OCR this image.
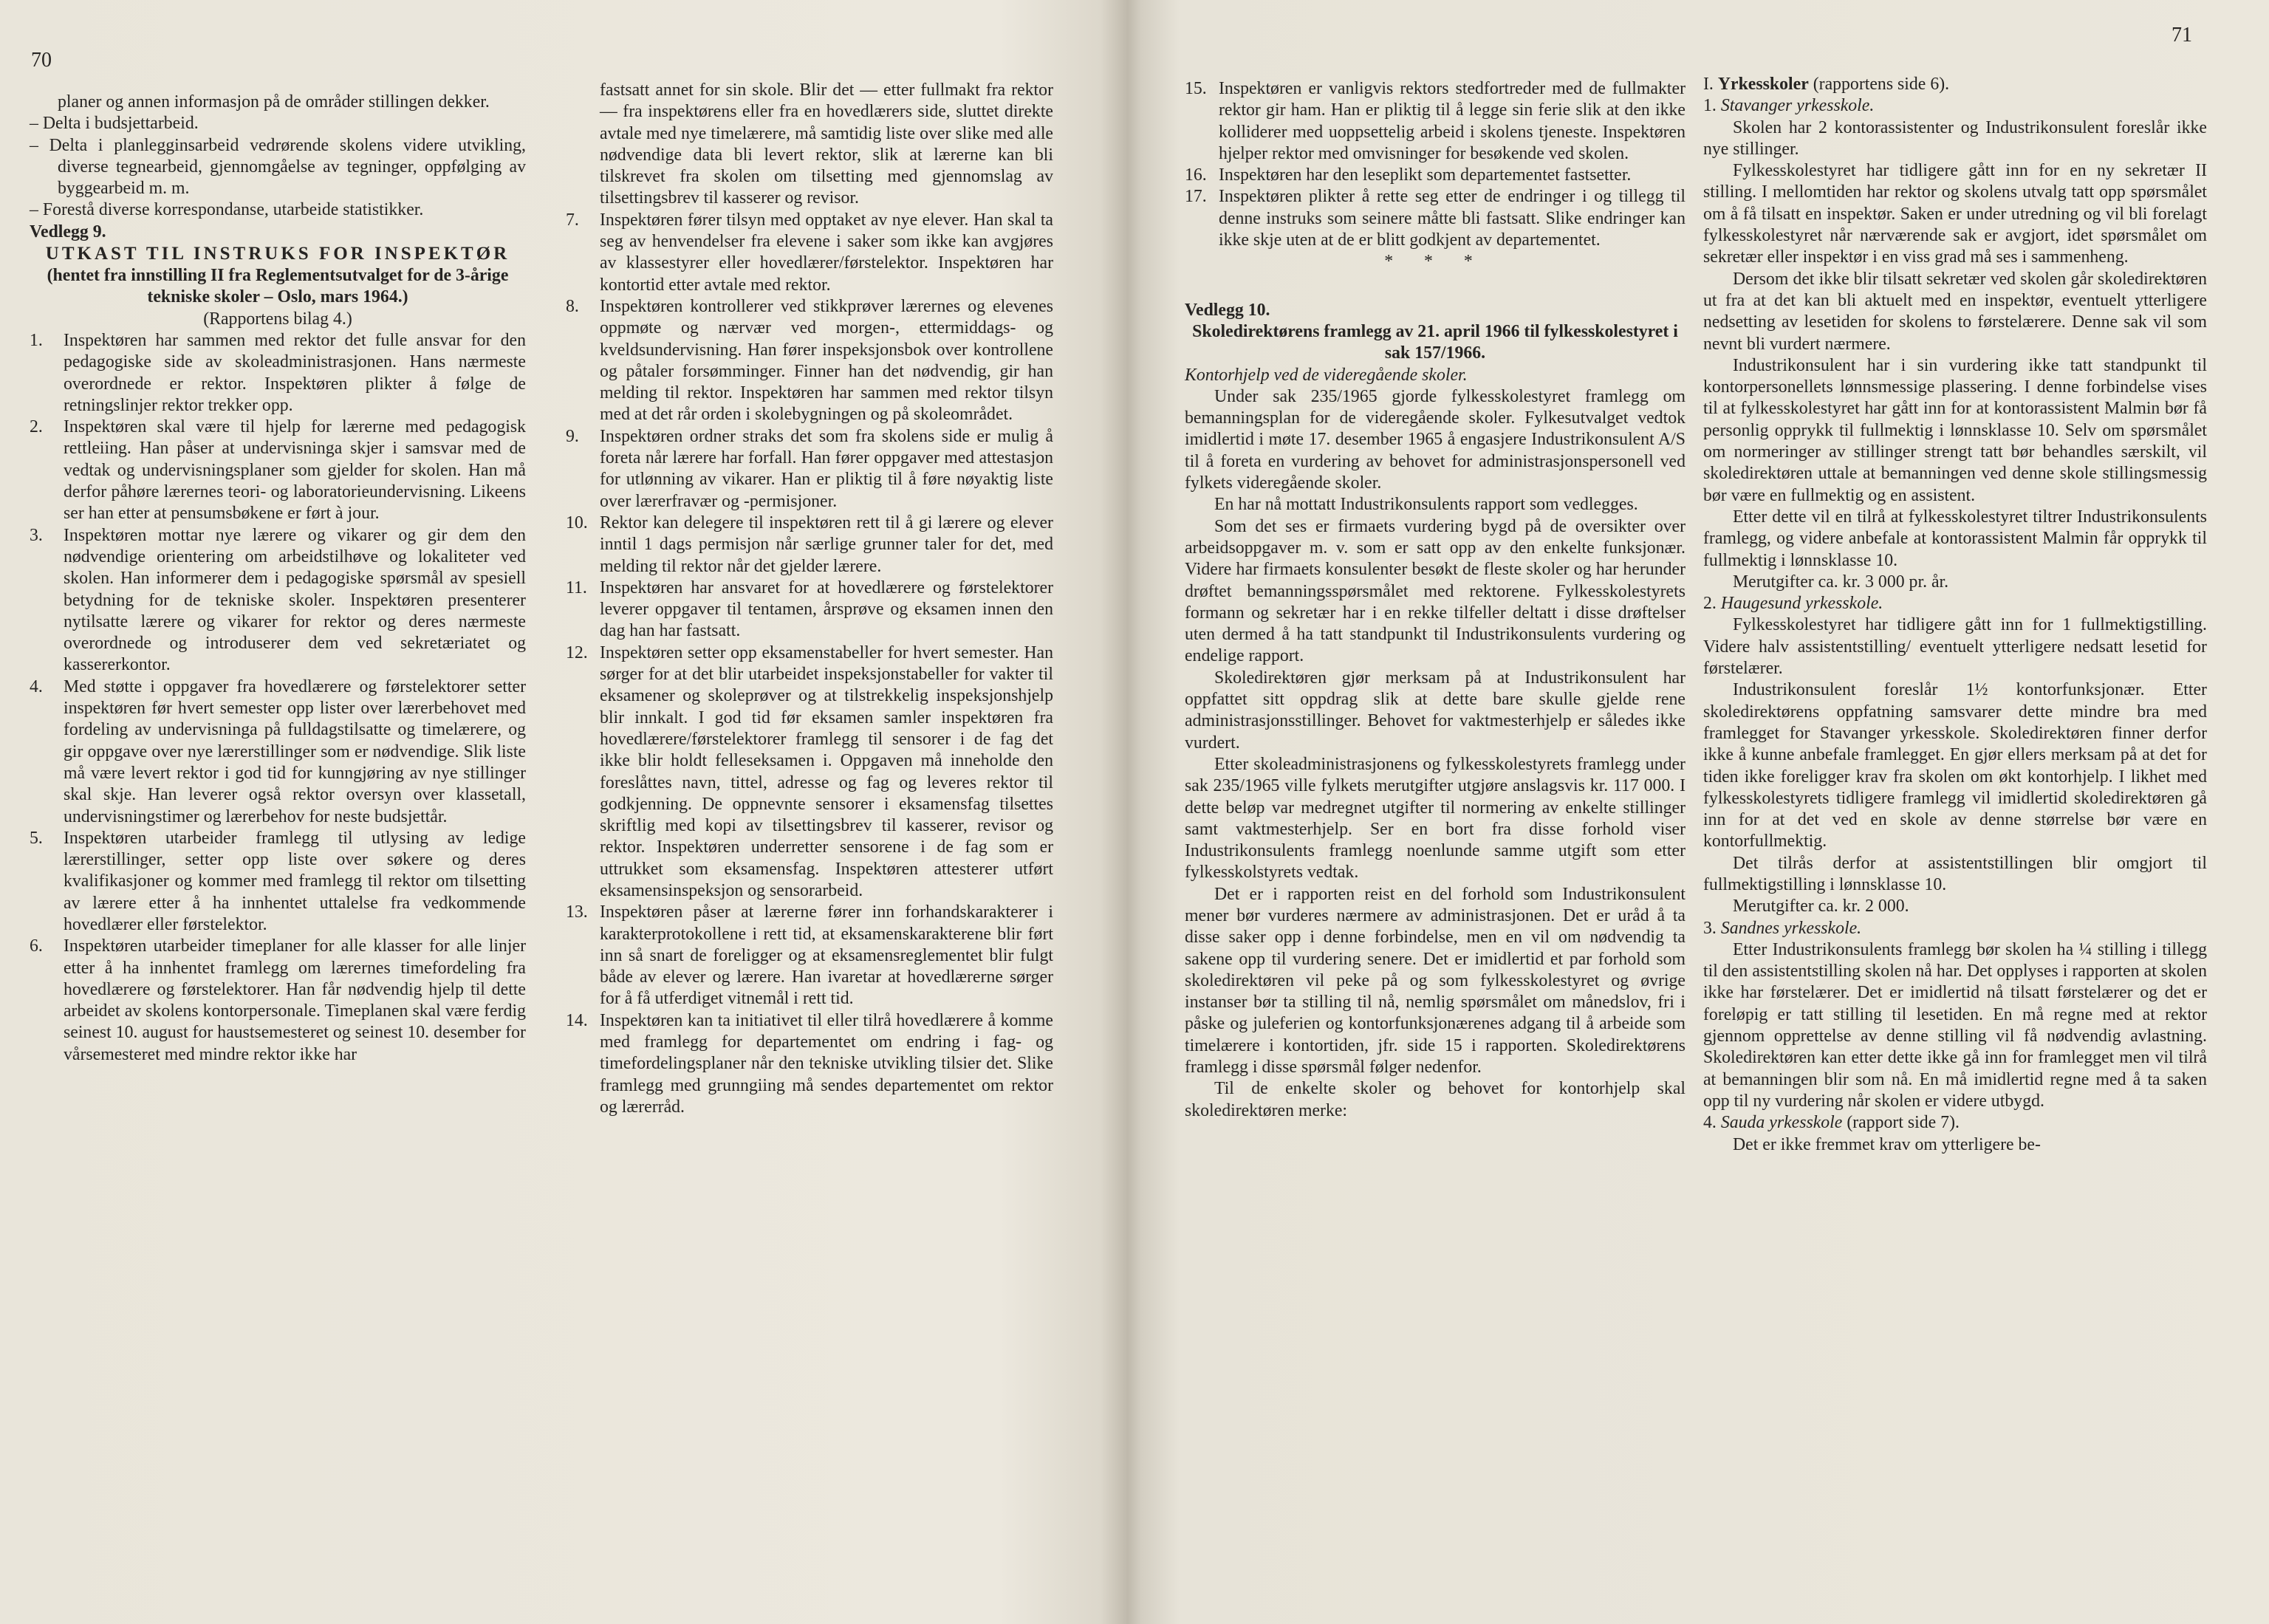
70

planer og annen informasjon på de områder stillingen dekker.

– Delta i budsjettarbeid.

– Delta i planlegginsarbeid vedrørende skolens videre utvikling, diverse tegnearbeid, gjennomgåelse av tegninger, oppfølging av byggearbeid m. m.

– Forestå diverse korrespondanse, utarbeide statistikker.

Vedlegg 9.

UTKAST TIL INSTRUKS FOR INSPEKTØR

(hentet fra innstilling II fra Reglementsutvalget for de 3-årige tekniske skoler – Oslo, mars 1964.)

(Rapportens bilag 4.)

1. Inspektøren har sammen med rektor det fulle ansvar for den pedagogiske side av skoleadministrasjonen. Hans nærmeste overordnede er rektor. Inspektøren plikter å følge de retningslinjer rektor trekker opp.

2. Inspektøren skal være til hjelp for lærerne med pedagogisk rettleiing. Han påser at undervisninga skjer i samsvar med de vedtak og undervisningsplaner som gjelder for skolen. Han må derfor påhøre lærernes teori- og laboratorieundervisning. Likeens ser han etter at pensumsbøkene er ført à jour.

3. Inspektøren mottar nye lærere og vikarer og gir dem den nødvendige orientering om arbeidstilhøve og lokaliteter ved skolen. Han informerer dem i pedagogiske spørsmål av spesiell betydning for de tekniske skoler. Inspektøren presenterer nytilsatte lærere og vikarer for rektor og deres nærmeste overordnede og introduserer dem ved sekretæriatet og kassererkontor.

4. Med støtte i oppgaver fra hovedlærere og førstelektorer setter inspektøren før hvert semester opp lister over lærerbehovet med fordeling av undervisninga på fulldagstilsatte og timelærere, og gir oppgave over nye lærerstillinger som er nødvendige. Slik liste må være levert rektor i god tid for kunngjøring av nye stillinger skal skje. Han leverer også rektor oversyn over klassetall, undervisningstimer og lærerbehov for neste budsjettår.

5. Inspektøren utarbeider framlegg til utlysing av ledige lærerstillinger, setter opp liste over søkere og deres kvalifikasjoner og kommer med framlegg til rektor om tilsetting av lærere etter å ha innhentet uttalelse fra vedkommende hovedlærer eller førstelektor.

6. Inspektøren utarbeider timeplaner for alle klasser for alle linjer etter å ha innhentet framlegg om lærernes timefordeling fra hovedlærere og førstelektorer. Han får nødvendig hjelp til dette arbeidet av skolens kontorpersonale. Timeplanen skal være ferdig seinest 10. august for haustsemesteret og seinest 10. desember for vårsemesteret med mindre rektor ikke har

fastsatt annet for sin skole. Blir det — etter fullmakt fra rektor — fra inspektørens eller fra en hovedlærers side, sluttet direkte avtale med nye timelærere, må samtidig liste over slike med alle nødvendige data bli levert rektor, slik at lærerne kan bli tilskrevet fra skolen om tilsetting med gjennomslag av tilsettingsbrev til kasserer og revisor.

7. Inspektøren fører tilsyn med opptaket av nye elever. Han skal ta seg av henvendelser fra elevene i saker som ikke kan avgjøres av klassestyrer eller hovedlærer/førstelektor. Inspektøren har kontortid etter avtale med rektor.

8. Inspektøren kontrollerer ved stikkprøver lærernes og elevenes oppmøte og nærvær ved morgen-, ettermiddags- og kveldsundervisning. Han fører inspeksjonsbok over kontrollene og påtaler forsømminger. Finner han det nødvendig, gir han melding til rektor. Inspektøren har sammen med rektor tilsyn med at det rår orden i skolebygningen og på skoleområdet.

9. Inspektøren ordner straks det som fra skolens side er mulig å foreta når lærere har forfall. Han fører oppgaver med attestasjon for utlønning av vikarer. Han er pliktig til å føre nøyaktig liste over lærerfravær og -permisjoner.

10. Rektor kan delegere til inspektøren rett til å gi lærere og elever inntil 1 dags permisjon når særlige grunner taler for det, med melding til rektor når det gjelder lærere.

11. Inspektøren har ansvaret for at hovedlærere og førstelektorer leverer oppgaver til tentamen, årsprøve og eksamen innen den dag han har fastsatt.

12. Inspektøren setter opp eksamenstabeller for hvert semester. Han sørger for at det blir utarbeidet inspeksjonstabeller for vakter til eksamener og skoleprøver og at tilstrekkelig inspeksjonshjelp blir innkalt. I god tid før eksamen samler inspektøren fra hovedlærere/førstelektorer framlegg til sensorer i de fag det ikke blir holdt felleseksamen i. Oppgaven må inneholde den foreslåttes navn, tittel, adresse og fag og leveres rektor til godkjenning. De oppnevnte sensorer i eksamensfag tilsettes skriftlig med kopi av tilsettingsbrev til kasserer, revisor og rektor. Inspektøren underretter sensorene i de fag som er uttrukket som eksamensfag. Inspektøren attesterer utført eksamensinspeksjon og sensorarbeid.

13. Inspektøren påser at lærerne fører inn forhandskarakterer i karakterprotokollene i rett tid, at eksamenskarakterene blir ført inn så snart de foreligger og at eksamensreglementet blir fulgt både av elever og lærere. Han ivaretar at hovedlærerne sørger for å få utferdiget vitnemål i rett tid.

14. Inspektøren kan ta initiativet til eller tilrå hovedlærere å komme med framlegg for departementet om endring i fag- og timefordelingsplaner når den tekniske utvikling tilsier det. Slike framlegg med grunngiing må sendes departementet om rektor og lærerråd.

71
15. Inspektøren er vanligvis rektors stedfortreder med de fullmakter rektor gir ham. Han er pliktig til å legge sin ferie slik at den ikke kolliderer med uoppsettelig arbeid i skolens tjeneste. Inspektøren hjelper rektor med omvisninger for besøkende ved skolen.

16. Inspektøren har den leseplikt som departementet fastsetter.

17. Inspektøren plikter å rette seg etter de endringer i og tillegg til denne instruks som seinere måtte bli fastsatt. Slike endringer kan ikke skje uten at de er blitt godkjent av departementet.

* * *

Vedlegg 10.

Skoledirektørens framlegg av 21. april 1966 til fylkesskolestyret i sak 157/1966.

Kontorhjelp ved de videregående skoler.

Under sak 235/1965 gjorde fylkesskolestyret framlegg om bemanningsplan for de videregående skoler. Fylkesutvalget vedtok imidlertid i møte 17. desember 1965 å engasjere Industrikonsulent A/S til å foreta en vurdering av behovet for administrasjonspersonell ved fylkets videregående skoler.

En har nå mottatt Industrikonsulents rapport som vedlegges.

Som det ses er firmaets vurdering bygd på de oversikter over arbeidsoppgaver m. v. som er satt opp av den enkelte funksjonær. Videre har firmaets konsulenter besøkt de fleste skoler og har herunder drøftet bemanningsspørsmålet med rektorene. Fylkesskolestyrets formann og sekretær har i en rekke tilfeller deltatt i disse drøftelser uten dermed å ha tatt standpunkt til Industrikonsulents vurdering og endelige rapport.

Skoledirektøren gjør merksam på at Industrikonsulent har oppfattet sitt oppdrag slik at dette bare skulle gjelde rene administrasjonsstillinger. Behovet for vaktmesterhjelp er således ikke vurdert.

Etter skoleadministrasjonens og fylkesskolestyrets framlegg under sak 235/1965 ville fylkets merutgifter utgjøre anslagsvis kr. 117 000. I dette beløp var medregnet utgifter til normering av enkelte stillinger samt vaktmesterhjelp. Ser en bort fra disse forhold viser Industrikonsulents framlegg noenlunde samme utgift som etter fylkesskolstyrets vedtak.

Det er i rapporten reist en del forhold som Industrikonsulent mener bør vurderes nærmere av administrasjonen. Det er uråd å ta disse saker opp i denne forbindelse, men en vil om nødvendig ta sakene opp til vurdering senere. Det er imidlertid et par forhold som skoledirektøren vil peke på og som fylkesskolestyret og øvrige instanser bør ta stilling til nå, nemlig spørsmålet om månedslov, fri i påske og juleferien og kontorfunksjonærenes adgang til å arbeide som timelærere i kontortiden, jfr. side 15 i rapporten. Skoledirektørens framlegg i disse spørsmål følger nedenfor.

Til de enkelte skoler og behovet for kontorhjelp skal skoledirektøren merke:

I. Yrkesskoler (rapportens side 6).

1. Stavanger yrkesskole.

Skolen har 2 kontorassistenter og Industrikonsulent foreslår ikke nye stillinger.

Fylkesskolestyret har tidligere gått inn for en ny sekretær II stilling. I mellomtiden har rektor og skolens utvalg tatt opp spørsmålet om å få tilsatt en inspektør. Saken er under utredning og vil bli forelagt fylkesskolestyret når nærværende sak er avgjort, idet spørsmålet om sekretær eller inspektør i en viss grad må ses i sammenheng.

Dersom det ikke blir tilsatt sekretær ved skolen går skoledirektøren ut fra at det kan bli aktuelt med en inspektør, eventuelt ytterligere nedsetting av lesetiden for skolens to førstelærere. Denne sak vil som nevnt bli vurdert nærmere.

Industrikonsulent har i sin vurdering ikke tatt standpunkt til kontorpersonellets lønnsmessige plassering. I denne forbindelse vises til at fylkesskolestyret har gått inn for at kontorassistent Malmin bør få personlig opprykk til fullmektig i lønnsklasse 10. Selv om spørsmålet om normeringer av stillinger strengt tatt bør behandles særskilt, vil skoledirektøren uttale at bemanningen ved denne skole stillingsmessig bør være en fullmektig og en assistent.

Etter dette vil en tilrå at fylkesskolestyret tiltrer Industrikonsulents framlegg, og videre anbefale at kontorassistent Malmin får opprykk til fullmektig i lønnsklasse 10.

Merutgifter ca. kr. 3 000 pr. år.

2. Haugesund yrkesskole.

Fylkesskolestyret har tidligere gått inn for 1 fullmektigstilling. Videre halv assistentstilling/ eventuelt ytterligere nedsatt lesetid for førstelærer.

Industrikonsulent foreslår 1½ kontorfunksjonær. Etter skoledirektørens oppfatning samsvarer dette mindre bra med framlegget for Stavanger yrkesskole. Skoledirektøren finner derfor ikke å kunne anbefale framlegget. En gjør ellers merksam på at det for tiden ikke foreligger krav fra skolen om økt kontorhjelp. I likhet med fylkesskolestyrets tidligere framlegg vil imidlertid skoledirektøren gå inn for at det ved en skole av denne størrelse bør være en kontorfullmektig.

Det tilrås derfor at assistentstillingen blir omgjort til fullmektigstilling i lønnsklasse 10.

Merutgifter ca. kr. 2 000.

3. Sandnes yrkesskole.

Etter Industrikonsulents framlegg bør skolen ha ¼ stilling i tillegg til den assistentstilling skolen nå har. Det opplyses i rapporten at skolen ikke har førstelærer. Det er imidlertid nå tilsatt førstelærer og det er foreløpig er tatt stilling til lesetiden. En må regne med at rektor gjennom opprettelse av denne stilling vil få nødvendig avlastning. Skoledirektøren kan etter dette ikke gå inn for framlegget men vil tilrå at bemanningen blir som nå. En må imidlertid regne med å ta saken opp til ny vurdering når skolen er videre utbygd.

4. Sauda yrkesskole (rapport side 7).

Det er ikke fremmet krav om ytterligere be-
